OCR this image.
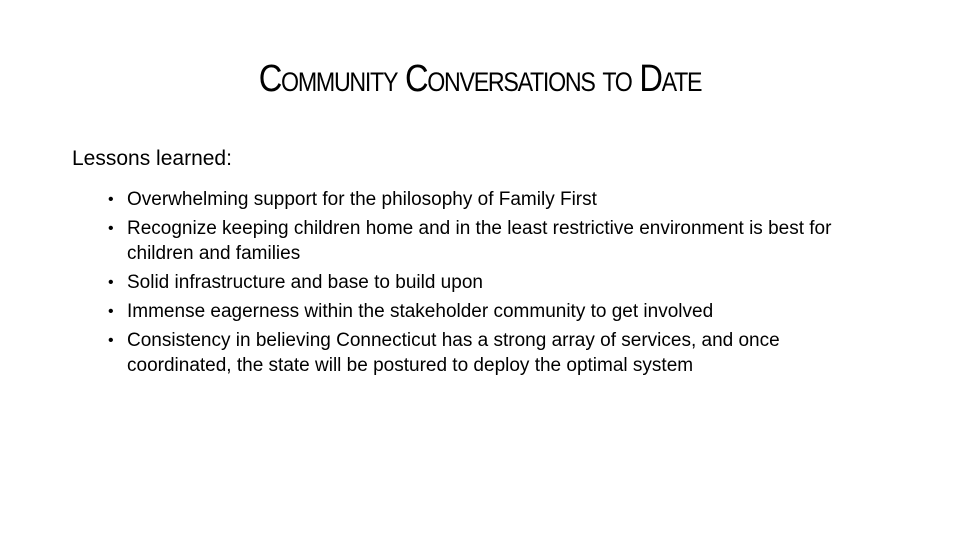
Community Conversations to Date
Lessons learned:
• Overwhelming support for the philosophy of Family First
• Recognize keeping children home and in the least restrictive environment is best for children and families
• Solid infrastructure and base to build upon
• Immense eagerness within the stakeholder community to get involved
• Consistency in believing Connecticut has a strong array of services, and once coordinated, the state will be postured to deploy the optimal system
